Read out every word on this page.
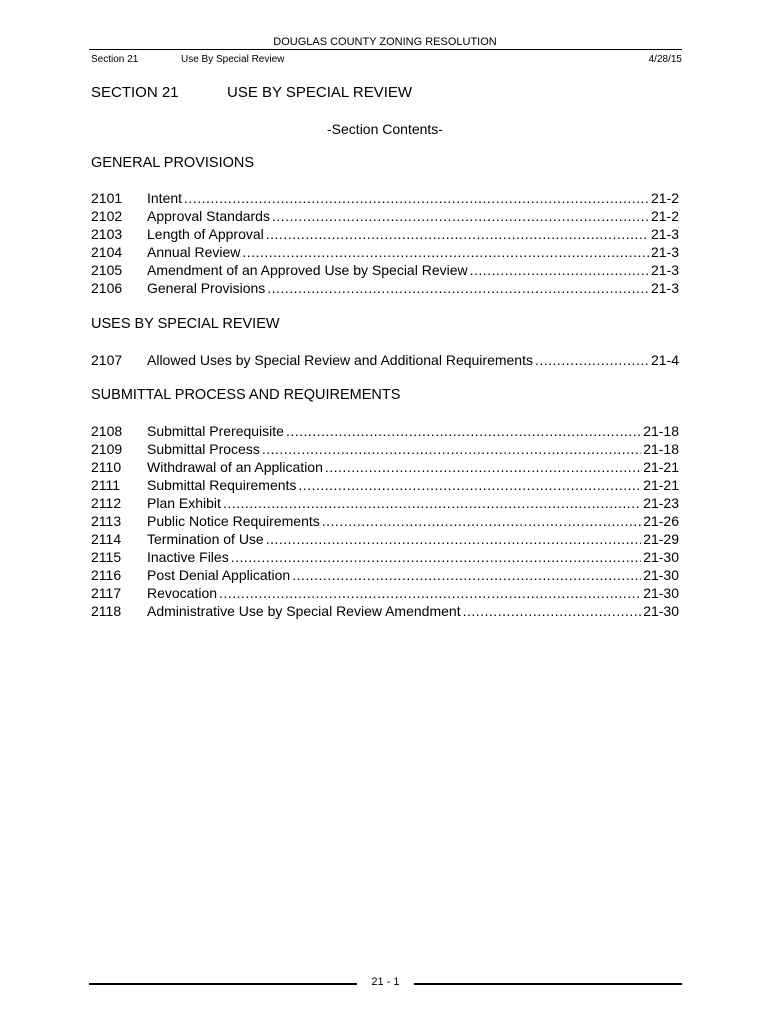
DOUGLAS COUNTY ZONING RESOLUTION
Section 21	Use By Special Review	4/28/15
SECTION 21	USE BY SPECIAL REVIEW
-Section Contents-
GENERAL PROVISIONS
2101	Intent .....	21-2
2102	Approval Standards .....	21-2
2103	Length of Approval .....	21-3
2104	Annual Review .....	21-3
2105	Amendment of an Approved Use by Special Review .....	21-3
2106	General Provisions .....	21-3
USES BY SPECIAL REVIEW
2107	Allowed Uses by Special Review and Additional Requirements .....	21-4
SUBMITTAL PROCESS AND REQUIREMENTS
2108	Submittal Prerequisite .....	21-18
2109	Submittal Process .....	21-18
2110	Withdrawal of an Application .....	21-21
2111	Submittal Requirements .....	21-21
2112	Plan Exhibit .....	21-23
2113	Public Notice Requirements .....	21-26
2114	Termination of Use .....	21-29
2115	Inactive Files .....	21-30
2116	Post Denial Application .....	21-30
2117	Revocation .....	21-30
2118	Administrative Use by Special Review Amendment .....	21-30
21 - 1
